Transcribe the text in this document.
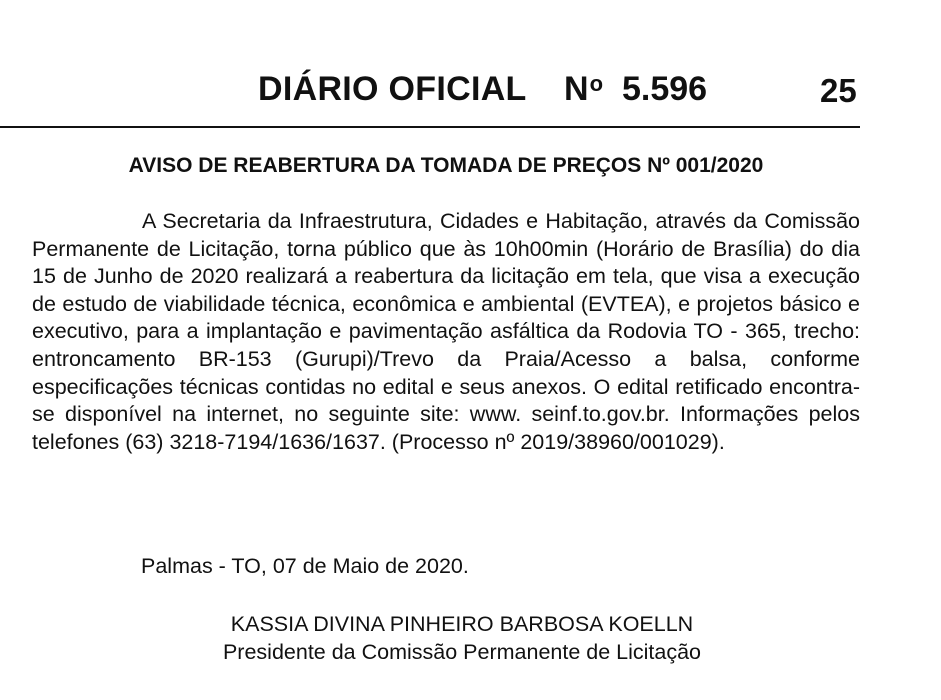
DIÁRIO OFICIAL $N^o$ 5.596	25
AVISO DE REABERTURA DA TOMADA DE PREÇOS Nº 001/2020

A Secretaria da Infraestrutura, Cidades e Habitação, através da Comissão Permanente de Licitação, torna público que às 10h00min (Horário de Brasília) do dia 15 de Junho de 2020 realizará a reabertura da licitação em tela, que visa a execução de estudo de viabilidade técnica, econômica e ambiental (EVTEA), e projetos básico e executivo, para a implantação e pavimentação asfáltica da Rodovia TO - 365, trecho: entroncamento BR-153 (Gurupi)/Trevo da Praia/Acesso a balsa, conforme especificações técnicas contidas no edital e seus anexos. O edital retificado encontra-se disponível na internet, no seguinte site: www. seinf.to.gov.br. Informações pelos telefones (63) 3218-7194/1636/1637. (Processo nº 2019/38960/001029).

Palmas - TO, 07 de Maio de 2020.
KASSIA DIVINA PINHEIRO BARBOSA KOELLN
Presidente da Comissão Permanente de Licitação
